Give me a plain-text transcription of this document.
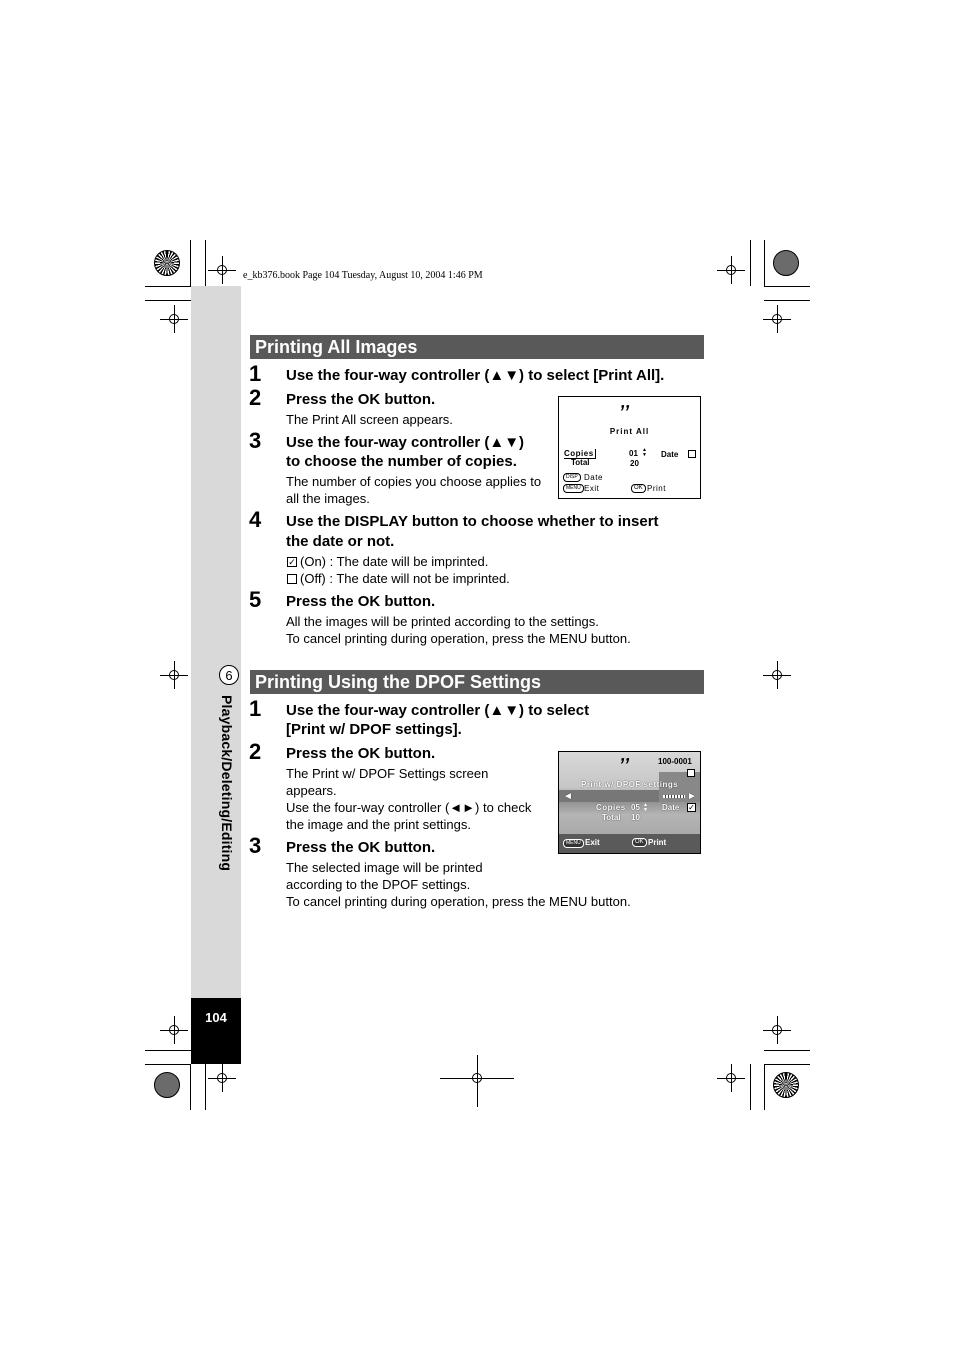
e_kb376.book Page 104 Tuesday, August 10, 2004 1:46 PM
6
Playback/Deleting/Editing
104
Printing All Images
1 Use the four-way controller (▲▼) to select [Print All].
2 Press the OK button.
The Print All screen appears.
3 Use the four-way controller (▲▼)
to choose the number of copies.
The number of copies you choose applies to
all the images.
4 Use the DISPLAY button to choose whether to insert
the date or not.
✓ (On) : The date will be imprinted.
(Off) : The date will not be imprinted.
5 Press the OK button.
All the images will be printed according to the settings.
To cancel printing during operation, press the MENU button.
ʼʼ
Print All
Copies
Total
01 ▲
▼
20
Date
DISP Date
MENU Exit	OK Print
Printing Using the DPOF Settings
1 Use the four-way controller (▲▼) to select
[Print w/ DPOF settings].
2 Press the OK button.
The Print w/ DPOF Settings screen
appears.
Use the four-way controller (◄►) to check
the image and the print settings.
3 Press the OK button.
The selected image will be printed
according to the DPOF settings.
To cancel printing during operation, press the MENU button.
ʼʼ	100-0001
Print w/ DPOF settings
◄	►
Copies 05 ▲
▼
Total 10
Date ✓
MENU Exit	OK Print
